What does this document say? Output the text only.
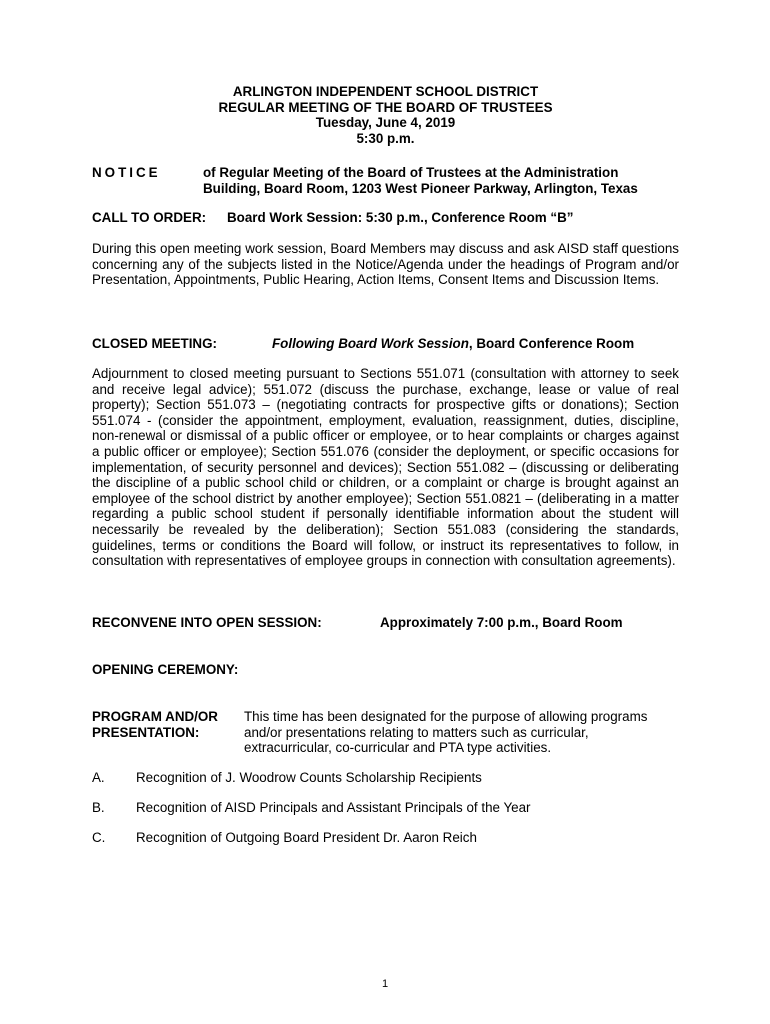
ARLINGTON INDEPENDENT SCHOOL DISTRICT
REGULAR MEETING OF THE BOARD OF TRUSTEES
Tuesday, June 4, 2019
5:30 p.m.
NOTICE	of Regular Meeting of the Board of Trustees at the Administration Building, Board Room, 1203 West Pioneer Parkway, Arlington, Texas
CALL TO ORDER: Board Work Session: 5:30 p.m., Conference Room “B”
During this open meeting work session, Board Members may discuss and ask AISD staff questions concerning any of the subjects listed in the Notice/Agenda under the headings of Program and/or Presentation, Appointments, Public Hearing, Action Items, Consent Items and Discussion Items.
CLOSED MEETING:	Following Board Work Session, Board Conference Room
Adjournment to closed meeting pursuant to Sections 551.071 (consultation with attorney to seek and receive legal advice); 551.072 (discuss the purchase, exchange, lease or value of real property); Section 551.073 – (negotiating contracts for prospective gifts or donations); Section 551.074 - (consider the appointment, employment, evaluation, reassignment, duties, discipline, non-renewal or dismissal of a public officer or employee, or to hear complaints or charges against a public officer or employee); Section 551.076 (consider the deployment, or specific occasions for implementation, of security personnel and devices); Section 551.082 – (discussing or deliberating the discipline of a public school child or children, or a complaint or charge is brought against an employee of the school district by another employee); Section 551.0821 – (deliberating in a matter regarding a public school student if personally identifiable information about the student will necessarily be revealed by the deliberation); Section 551.083 (considering the standards, guidelines, terms or conditions the Board will follow, or instruct its representatives to follow, in consultation with representatives of employee groups in connection with consultation agreements).
RECONVENE INTO OPEN SESSION:	Approximately 7:00 p.m., Board Room
OPENING CEREMONY:
PROGRAM AND/OR
PRESENTATION:
This time has been designated for the purpose of allowing programs and/or presentations relating to matters such as curricular, extracurricular, co-curricular and PTA type activities.
A. Recognition of J. Woodrow Counts Scholarship Recipients
B. Recognition of AISD Principals and Assistant Principals of the Year
C. Recognition of Outgoing Board President Dr. Aaron Reich
1
